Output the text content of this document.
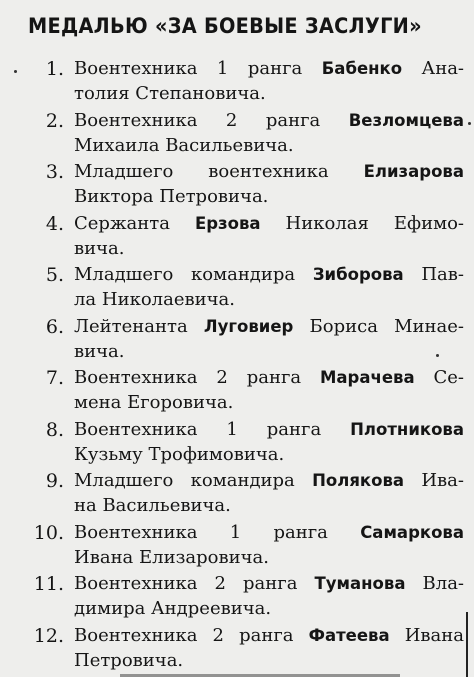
МЕДАЛЬЮ «ЗА БОЕВЫЕ ЗАСЛУГИ»
1. Воентехника 1 ранга Бабенко Ана-
толия Степановича.
2. Воентехника 2 ранга Везломцева
Михаила Васильевича.
3. Младшего воентехника Елизарова
Виктора Петровича.
4. Сержанта Ерзова Николая Ефимо-
вича.
5. Младшего командира Зиборова Пав-
ла Николаевича.
6. Лейтенанта Луговиер Бориса Минае-
вича.
7. Воентехника 2 ранга Марачева Се-
мена Егоровича.
8. Воентехника 1 ранга Плотникова
Кузьму Трофимовича.
9. Младшего командира Полякова Ива-
на Васильевича.
10. Воентехника 1 ранга Самаркова
Ивана Елизаровича.
11. Воентехника 2 ранга Туманова Вла-
димира Андреевича.
12. Воентехника 2 ранга Фатеева Ивана
Петровича.
